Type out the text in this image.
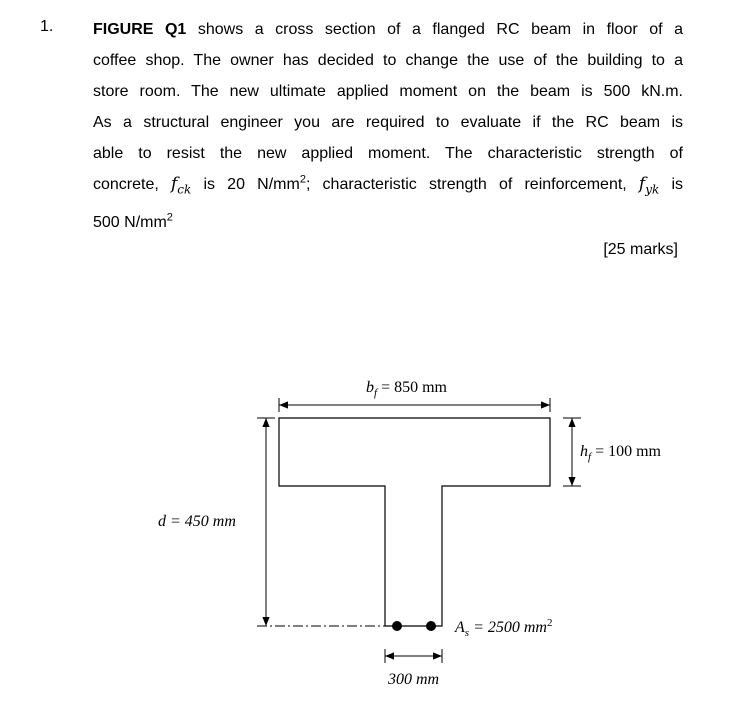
1. FIGURE Q1 shows a cross section of a flanged RC beam in floor of a
coffee shop. The owner has decided to change the use of the building to a
store room. The new ultimate applied moment on the beam is 500 kN.m.
As a structural engineer you are required to evaluate if the RC beam is
able to resist the new applied moment. The characteristic strength of
concrete, $f_{ck}$ is 20 $N/mm^2$; characteristic strength of reinforcement, $f_{yk}$ is
500 $N/mm^2$
[25 marks]
$b_f = 850$ mm
$h_f = 100$ mm
d = 450 mm
$A_s = 2500$ $mm^2$
300 mm
